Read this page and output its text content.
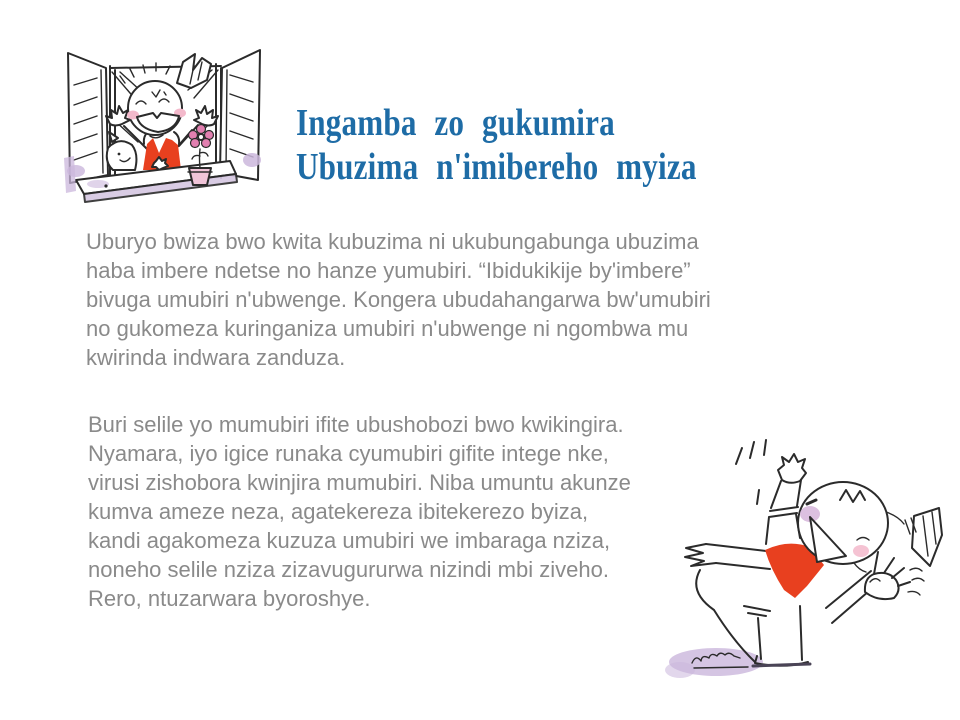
Ingamba zo gukumira
Ubuzima n'imibereho myiza
Uburyo bwiza bwo kwita kubuzima ni ukubungabunga ubuzima
haba imbere ndetse no hanze yumubiri. “Ibidukikije by'imbere”
bivuga umubiri n'ubwenge. Kongera ubudahangarwa bw'umubiri
no gukomeza kuringaniza umubiri n'ubwenge ni ngombwa mu
kwirinda indwara zanduza.
Buri selile yo mumubiri ifite ubushobozi bwo kwikingira.
Nyamara, iyo igice runaka cyumubiri gifite intege nke,
virusi zishobora kwinjira mumubiri. Niba umuntu akunze
kumva ameze neza, agatekereza ibitekerezo byiza,
kandi agakomeza kuzuza umubiri we imbaraga nziza,
noneho selile nziza zizavugururwa nizindi mbi ziveho.
Rero, ntuzarwara byoroshye.
